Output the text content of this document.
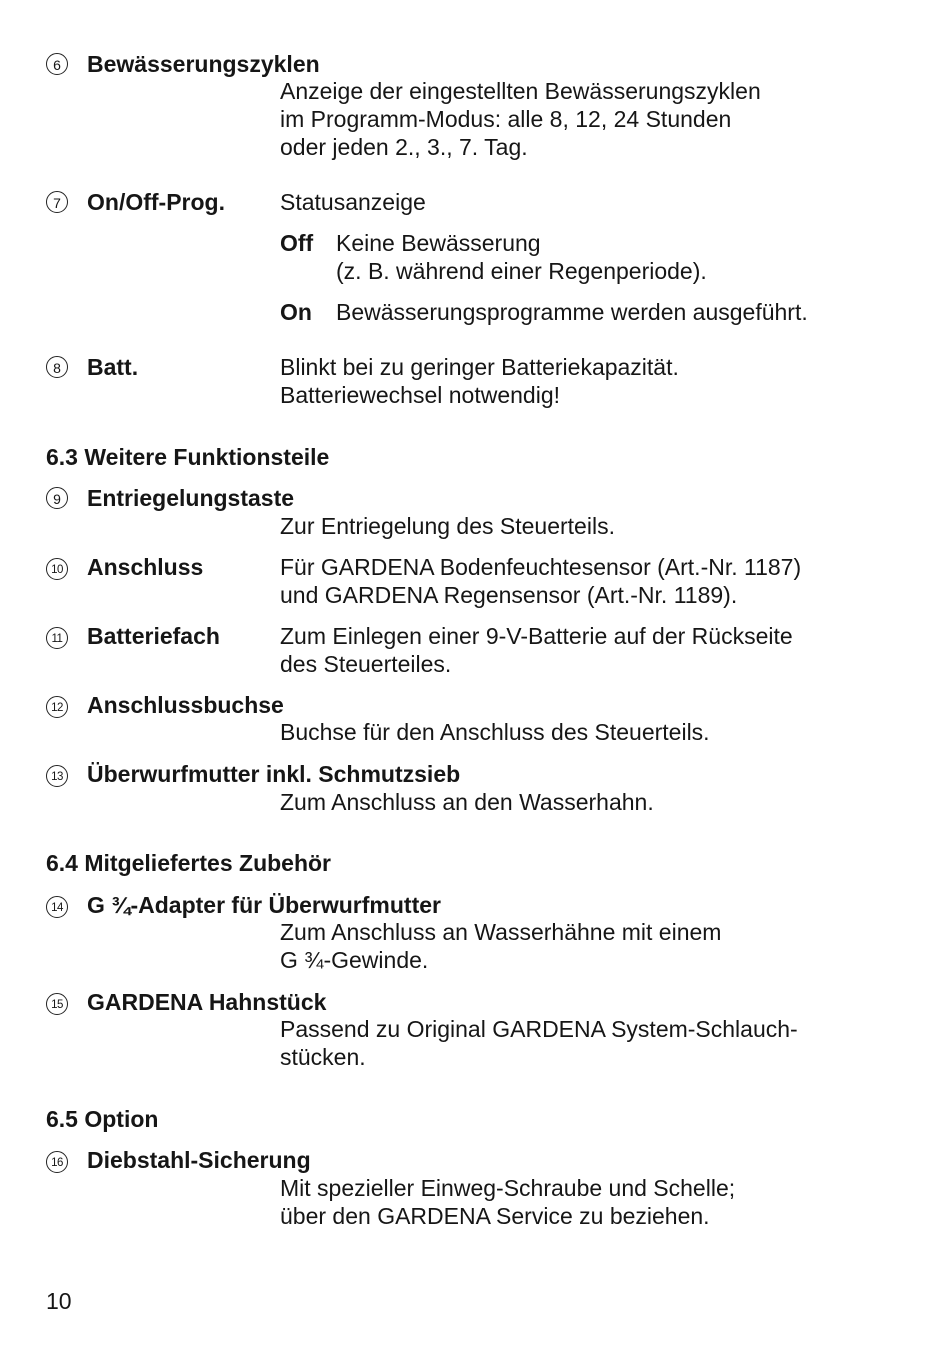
6	Bewässerungszyklen
Anzeige der eingestellten Bewässerungszyklen
im Programm-Modus: alle 8, 12, 24 Stunden
oder jeden 2., 3., 7. Tag.
7	On/Off-Prog. Statusanzeige
Off Keine Bewässerung
(z. B. während einer Regenperiode).
On Bewässerungsprogramme werden ausgeführt.
8	Batt.	Blinkt bei zu geringer Batteriekapazität.
Batteriewechsel notwendig!
6.3 Weitere Funktionsteile
9	Entriegelungstaste
Zur Entriegelung des Steuerteils.
10 Anschluss	Für GARDENA Bodenfeuchtesensor (Art.-Nr. 1187)
und GARDENA Regensensor (Art.-Nr. 1189).
11 Batteriefach	Zum Einlegen einer 9-V-Batterie auf der Rückseite
des Steuerteiles.
12 Anschlussbuchse
Buchse für den Anschluss des Steuerteils.
13 Überwurfmutter inkl. Schmutzsieb
Zum Anschluss an den Wasserhahn.
6.4 Mitgeliefertes Zubehör
14 G ¾-Adapter für Überwurfmutter
Zum Anschluss an Wasserhähne mit einem
G ¾-Gewinde.
15 GARDENA Hahnstück
Passend zu Original GARDENA System-Schlauch-
stücken.
6.5 Option
16 Diebstahl-Sicherung
Mit spezieller Einweg-Schraube und Schelle;
über den GARDENA Service zu beziehen.
10
